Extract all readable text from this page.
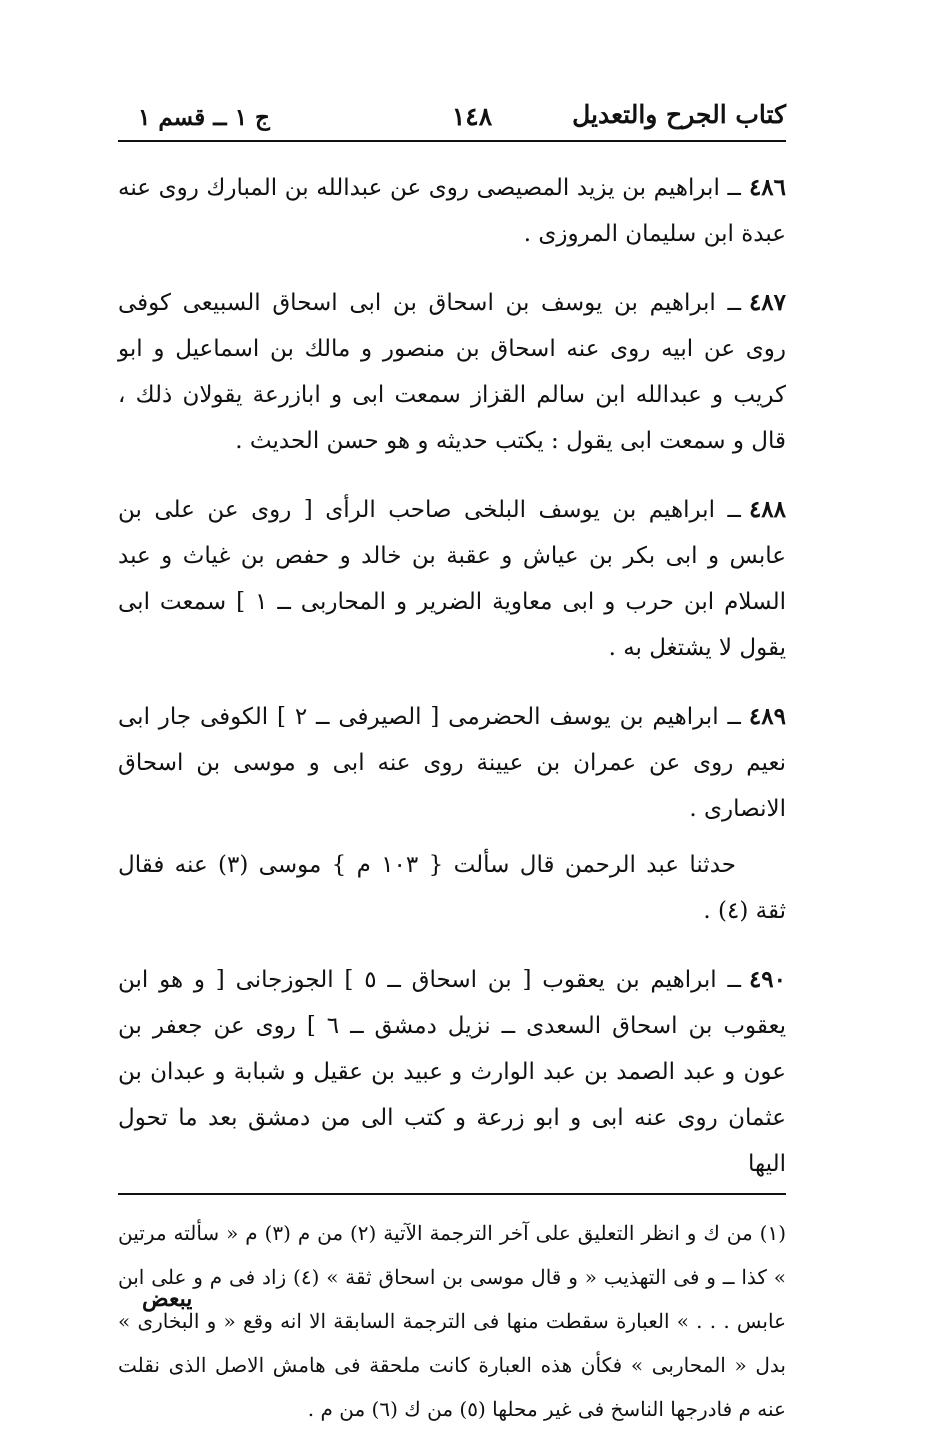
كتاب الجرح والتعديل
١٤٨
ج ١ ــ قسم ١

٤٨٦ــ ابراهيم بن يزيد المصيصى روى عن عبدالله بن المبارك روى عنه عبدة ابن سليمان المروزى .

٤٨٧ــ ابراهيم بن يوسف بن اسحاق بن ابى اسحاق السبيعى كوفى روى عن ابيه روى عنه اسحاق بن منصور و مالك بن اسماعيل و ابو كريب و عبدالله ابن سالم القزاز سمعت ابى و ابازرعة يقولان ذلك ، قال و سمعت ابى يقول : يكتب حديثه و هو حسن الحديث .

٤٨٨ــ ابراهيم بن يوسف البلخى صاحب الرأى [ روى عن على بن عابس و ابى بكر بن عياش و عقبة بن خالد و حفص بن غياث و عبد السلام ابن حرب و ابى معاوية الضرير و المحاربى ــ ١ ] سمعت ابى يقول لا يشتغل به .

٤٨٩ــ ابراهيم بن يوسف الحضرمى [ الصيرفى ــ ٢ ] الكوفى جار ابى نعيم روى عن عمران بن عيينة روى عنه ابى و موسى بن اسحاق الانصارى .

حدثنا عبد الرحمن قال سألت { ١٠٣ م } موسى (٣) عنه فقال ثقة (٤) .

٤٩٠ــ ابراهيم بن يعقوب [ بن اسحاق ــ ٥ ] الجوزجانى [ و هو ابن يعقوب بن اسحاق السعدى ــ نزيل دمشق ــ ٦ ] روى عن جعفر بن عون و عبد الصمد بن عبد الوارث و عبيد بن عقيل و شبابة و عبدان بن عثمان روى عنه ابى و ابو زرعة و كتب الى من دمشق بعد ما تحول اليها

(١) من ك و انظر التعليق على آخر الترجمة الآتية (٢) من م (٣) م « سألته مرتين » كذا ــ و فى التهذيب « و قال موسى بن اسحاق ثقة » (٤) زاد فى م و على ابن عابس . . . » العبارة سقطت منها فى الترجمة السابقة الا انه وقع « و البخارى » بدل « المحاربى » فكأن هذه العبارة كانت ملحقة فى هامش الاصل الذى نقلت عنه م فادرجها الناسخ فى غير محلها (٥) من ك (٦) من م .

يبعض
